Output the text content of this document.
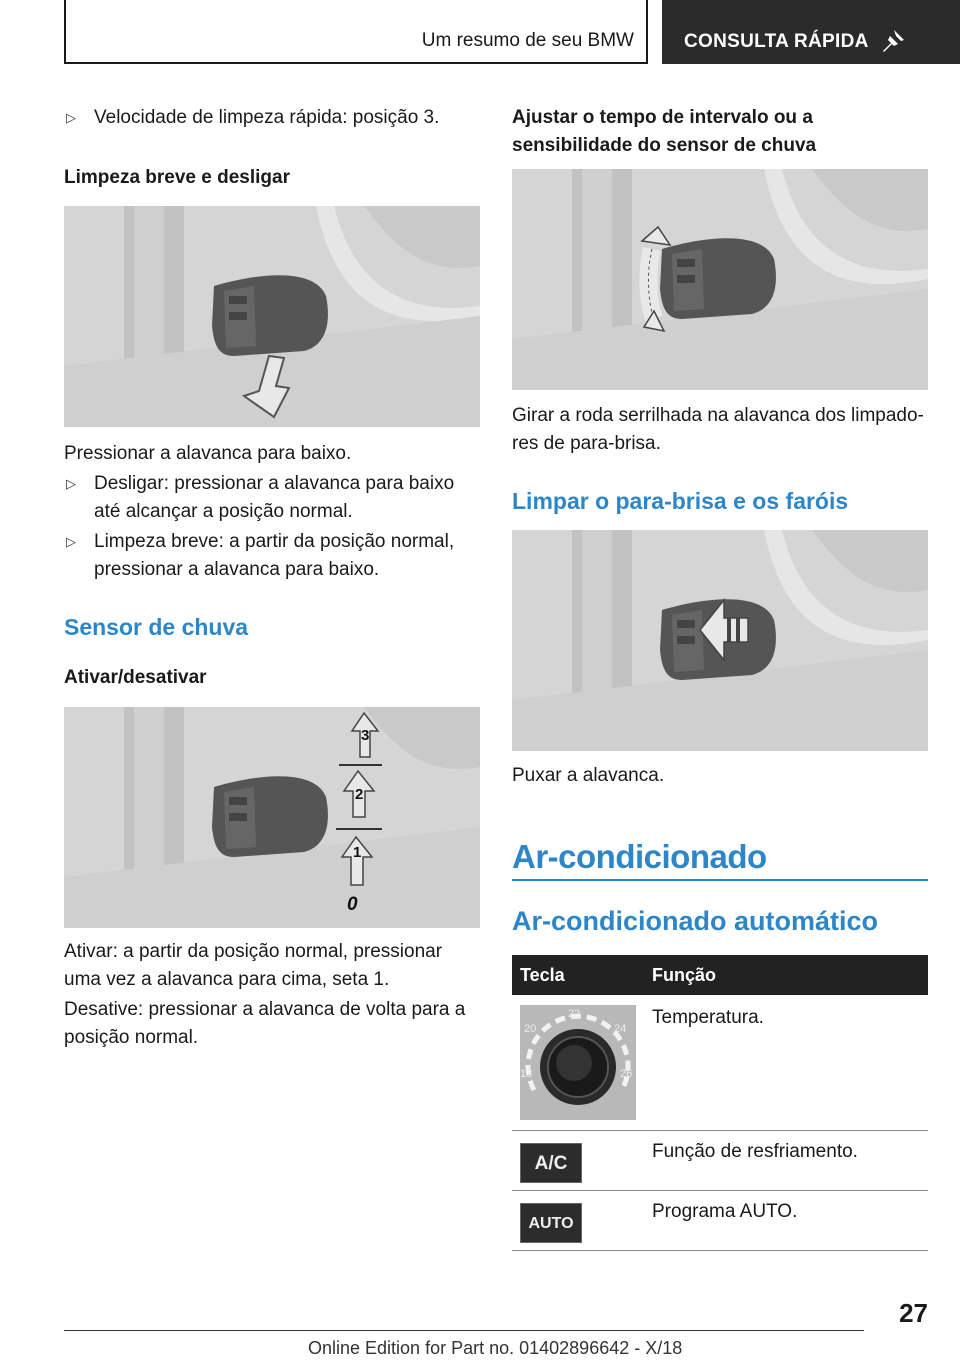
Um resumo de seu BMW	CONSULTA RÁPIDA
▷ Velocidade de limpeza rápida: posição 3.
Limpeza breve e desligar
Pressionar a alavanca para baixo.
▷ Desligar: pressionar a alavanca para baixo até alcançar a posição normal.
▷ Limpeza breve: a partir da posição normal, pressionar a alavanca para baixo.
Sensor de chuva
Ativar/desativar
3
2
1
0
Ativar: a partir da posição normal, pressionar uma vez a alavanca para cima, seta 1.
Desative: pressionar a alavanca de volta para a posição normal.
Ajustar o tempo de intervalo ou a sensibilidade do sensor de chuva
Girar a roda serrilhada na alavanca dos limpado-res de para-brisa.
Limpar o para-brisa e os faróis
Puxar a alavanca.
Ar-condicionado
Ar-condicionado automático
Tecla	Função

22
20 24
18 26	Temperatura.
A/C	Função de resfriamento.
AUTO	Programa AUTO.
27
Online Edition for Part no. 01402896642 - X/18
